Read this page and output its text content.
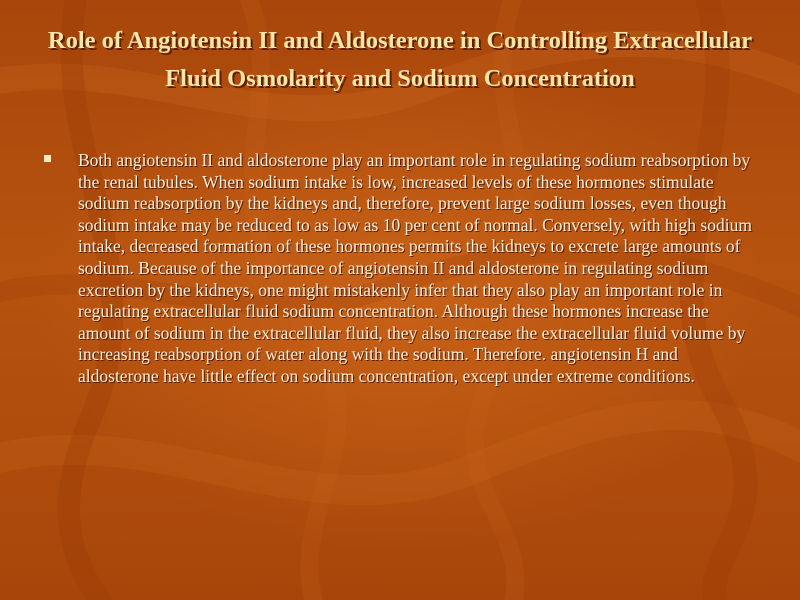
Role of Angiotensin II and Aldosterone in Controlling Extracellular Fluid Osmolarity and Sodium Concentration

Both angiotensin II and aldosterone play an important role in regulating sodium reabsorption by the renal tubules. When sodium intake is low, increased levels of these hormones stimulate sodium reabsorption by the kidneys and, therefore, prevent large sodium losses, even though sodium intake may be reduced to as low as 10 per cent of normal. Conversely, with high sodium intake, decreased formation of these hormones permits the kidneys to excrete large amounts of sodium. Because of the importance of angiotensin II and aldosterone in regulating sodium excretion by the kidneys, one might mistakenly infer that they also play an important role in regulating extracellular fluid sodium concentration. Although these hormones increase the amount of sodium in the extracellular fluid, they also increase the extracellular fluid volume by increasing reabsorption of water along with the sodium. Therefore. angiotensin H and aldosterone have little effect on sodium concentration, except under extreme conditions.
